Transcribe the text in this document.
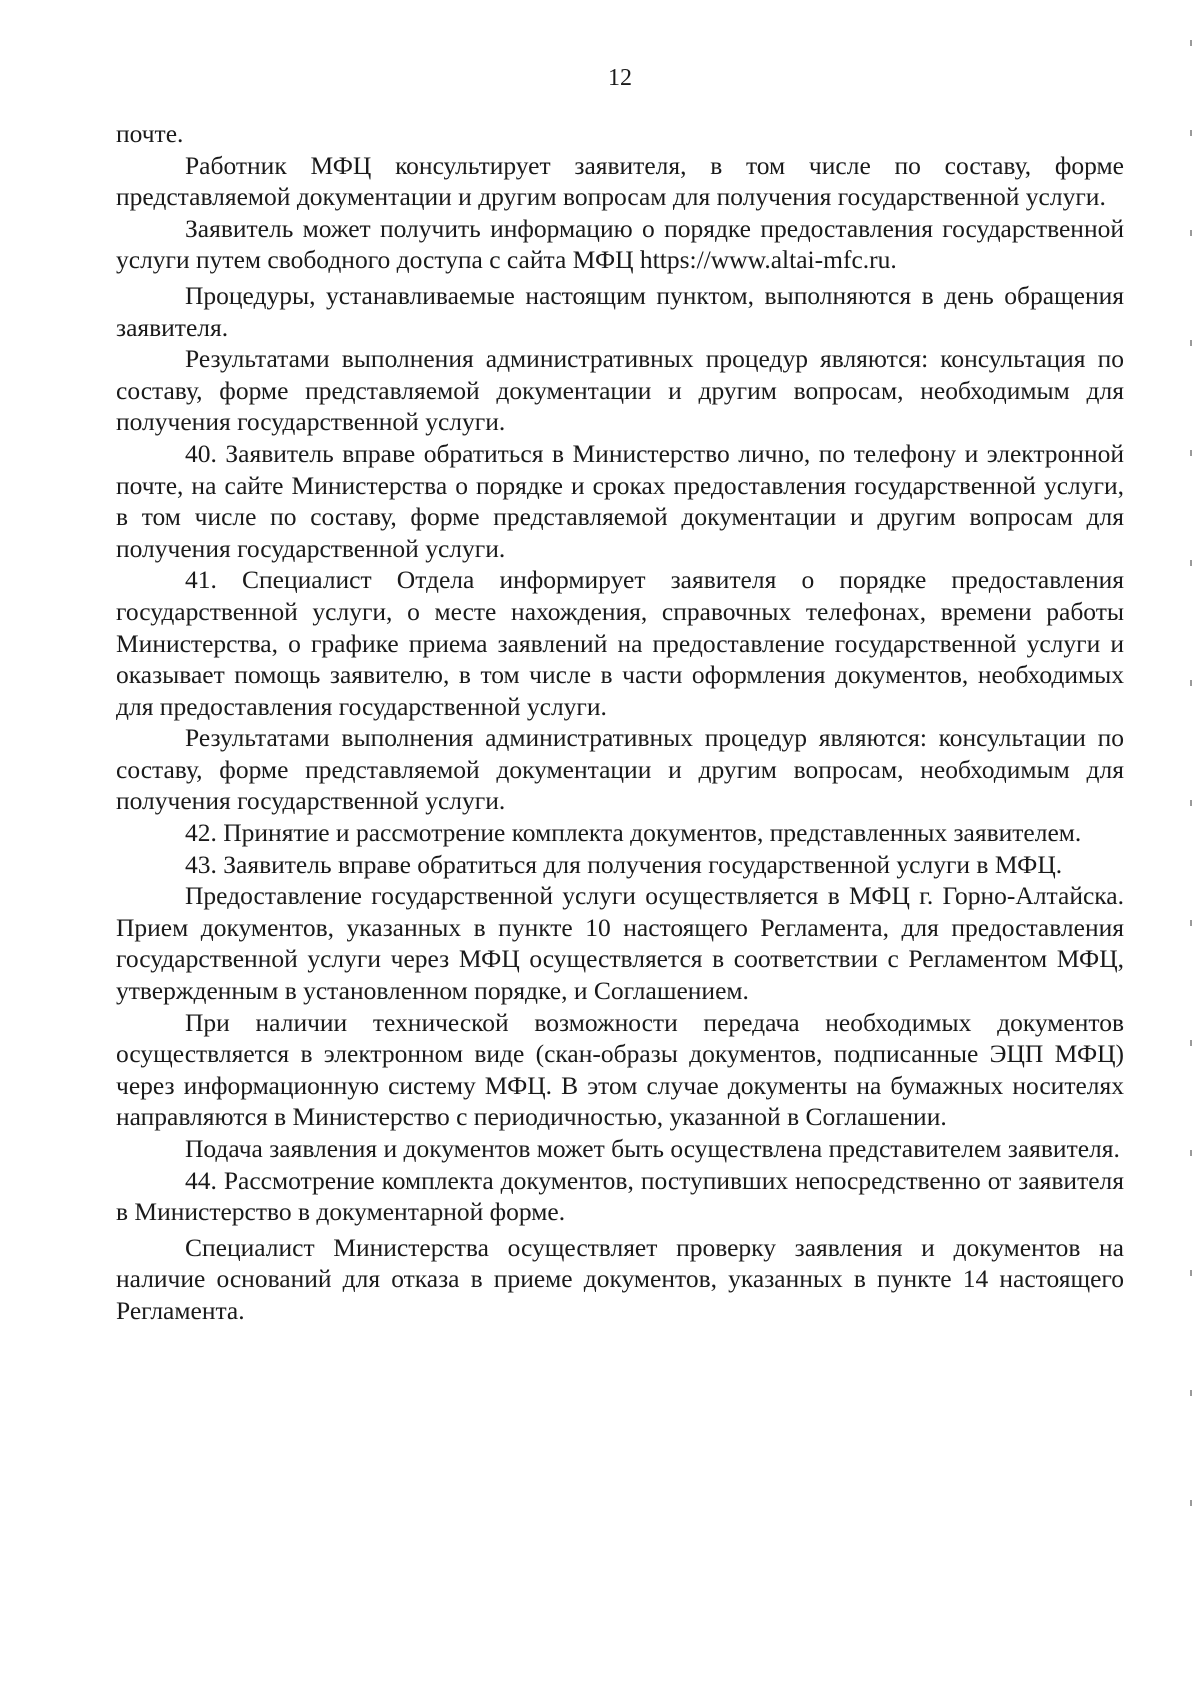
12

почте.

Работник МФЦ консультирует заявителя, в том числе по составу, форме представляемой документации и другим вопросам для получения государственной услуги.

Заявитель может получить информацию о порядке предоставления государственной услуги путем свободного доступа с сайта МФЦ https://www.altai-mfc.ru.

Процедуры, устанавливаемые настоящим пунктом, выполняются в день обращения заявителя.

Результатами выполнения административных процедур являются: консультация по составу, форме представляемой документации и другим вопросам, необходимым для получения государственной услуги.

40. Заявитель вправе обратиться в Министерство лично, по телефону и электронной почте, на сайте Министерства о порядке и сроках предоставления государственной услуги, в том числе по составу, форме представляемой документации и другим вопросам для получения государственной услуги.

41. Специалист Отдела информирует заявителя о порядке предоставления государственной услуги, о месте нахождения, справочных телефонах, времени работы Министерства, о графике приема заявлений на предоставление государственной услуги и оказывает помощь заявителю, в том числе в части оформления документов, необходимых для предоставления государственной услуги.

Результатами выполнения административных процедур являются: консультации по составу, форме представляемой документации и другим вопросам, необходимым для получения государственной услуги.

42. Принятие и рассмотрение комплекта документов, представленных заявителем.

43. Заявитель вправе обратиться для получения государственной услуги в МФЦ.

Предоставление государственной услуги осуществляется в МФЦ г. Горно-Алтайска. Прием документов, указанных в пункте 10 настоящего Регламента, для предоставления государственной услуги через МФЦ осуществляется в соответствии с Регламентом МФЦ, утвержденным в установленном порядке, и Соглашением.

При наличии технической возможности передача необходимых документов осуществляется в электронном виде (скан-образы документов, подписанные ЭЦП МФЦ) через информационную систему МФЦ. В этом случае документы на бумажных носителях направляются в Министерство с периодичностью, указанной в Соглашении.

Подача заявления и документов может быть осуществлена представителем заявителя.

44. Рассмотрение комплекта документов, поступивших непосредственно от заявителя в Министерство в документарной форме.

Специалист Министерства осуществляет проверку заявления и документов на наличие оснований для отказа в приеме документов, указанных в пункте 14 настоящего Регламента.
